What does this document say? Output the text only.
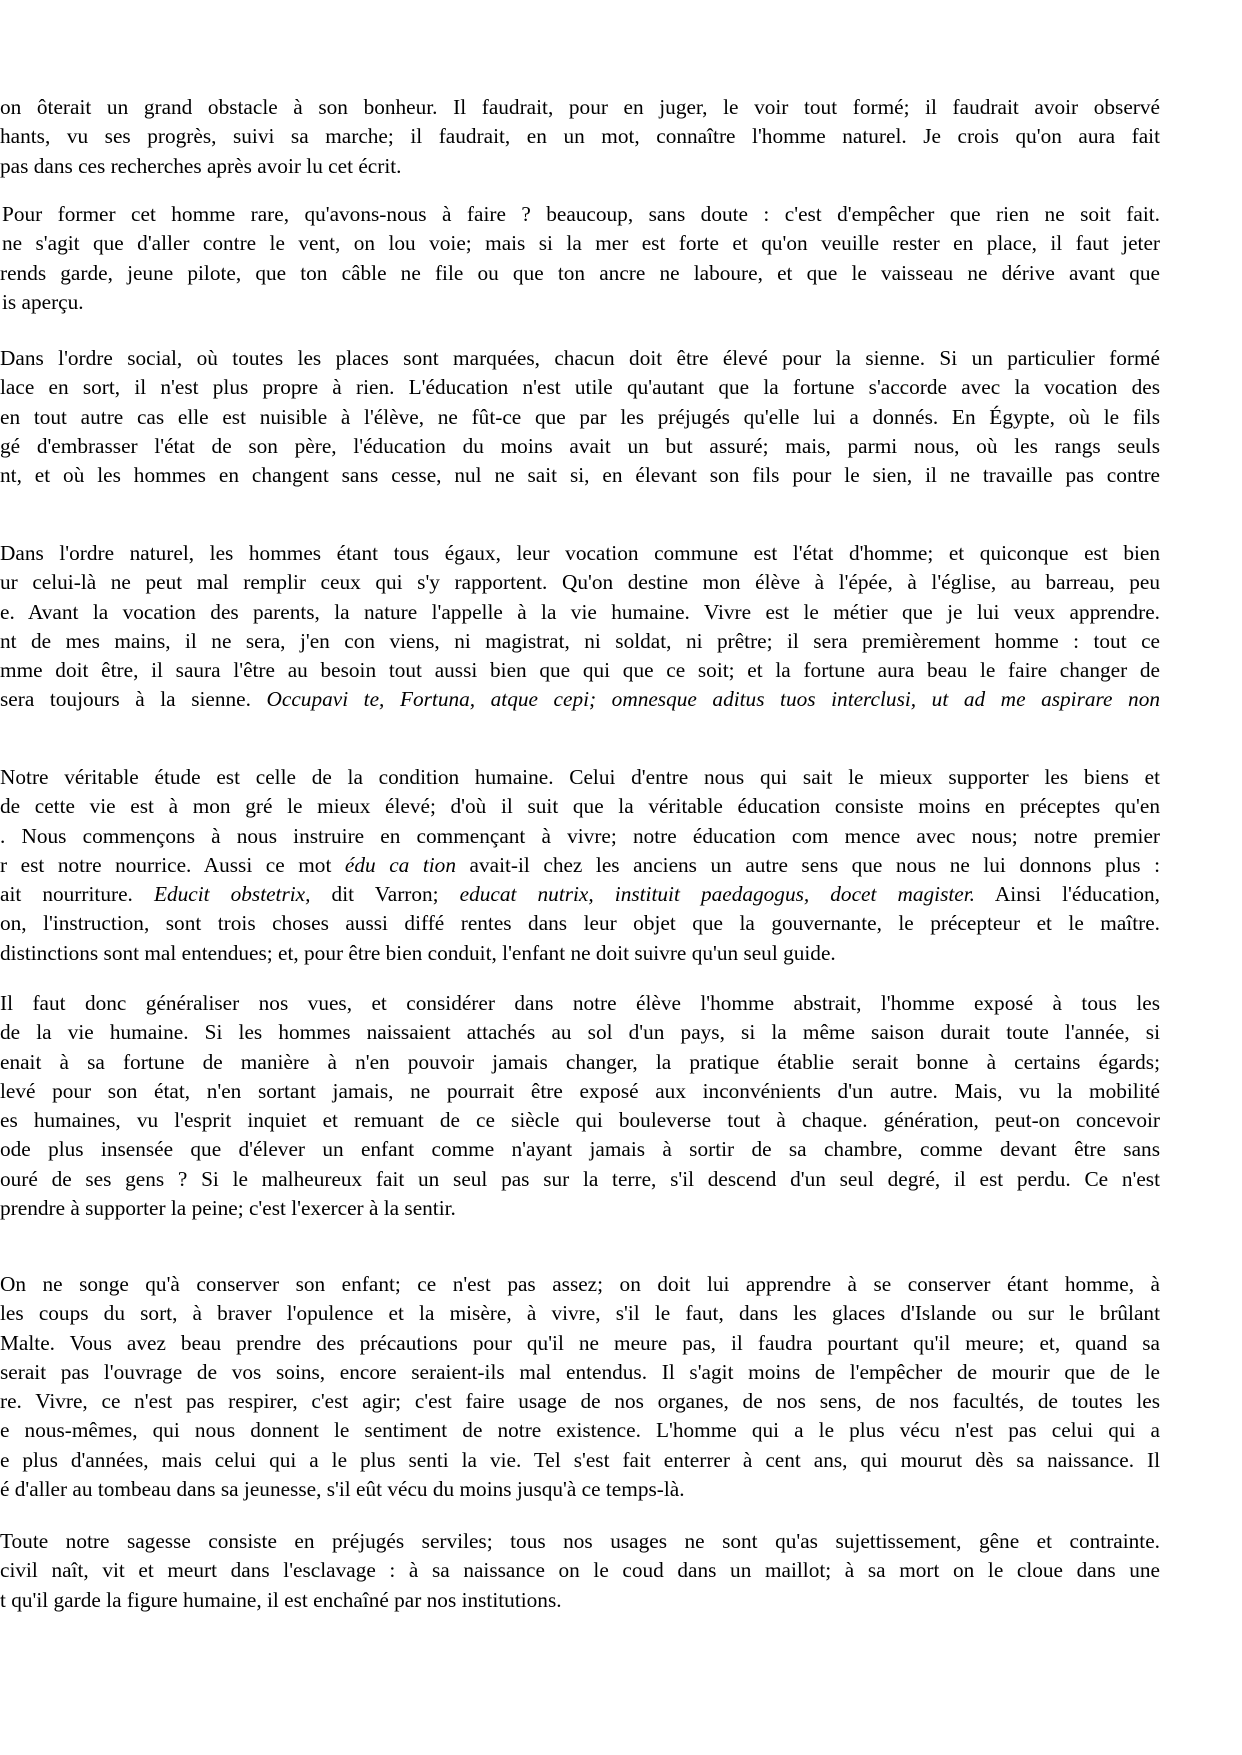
on ôterait un grand obstacle à son bonheur. Il faudrait, pour en juger, le voir tout formé; il faudrait avoir observé
hants, vu ses progrès, suivi sa marche; il faudrait, en un mot, connaître l'homme naturel. Je crois qu'on aura fait
pas dans ces recherches après avoir lu cet écrit.

Pour former cet homme rare, qu'avons-nous à faire ? beaucoup, sans doute : c'est d'empêcher que rien ne soit fait.
ne s'agit que d'aller contre le vent, on lou voie; mais si la mer est forte et qu'on veuille rester en place, il faut jeter
rends garde, jeune pilote, que ton câble ne file ou que ton ancre ne laboure, et que le vaisseau ne dérive avant que
is aperçu.

Dans l'ordre social, où toutes les places sont marquées, chacun doit être élevé pour la sienne. Si un particulier formé
lace en sort, il n'est plus propre à rien. L'éducation n'est utile qu'autant que la fortune s'accorde avec la vocation des
en tout autre cas elle est nuisible à l'élève, ne fût-ce que par les préjugés qu'elle lui a donnés. En Égypte, où le fils
gé d'embrasser l'état de son père, l'éducation du moins avait un but assuré; mais, parmi nous, où les rangs seuls
nt, et où les hommes en changent sans cesse, nul ne sait si, en élevant son fils pour le sien, il ne travaille pas contre

Dans l'ordre naturel, les hommes étant tous égaux, leur vocation commune est l'état d'homme; et quiconque est bien
ur celui-là ne peut mal remplir ceux qui s'y rapportent. Qu'on destine mon élève à l'épée, à l'église, au barreau, peu
e. Avant la vocation des parents, la nature l'appelle à la vie humaine. Vivre est le métier que je lui veux apprendre.
nt de mes mains, il ne sera, j'en con viens, ni magistrat, ni soldat, ni prêtre; il sera premièrement homme : tout ce
mme doit être, il saura l'être au besoin tout aussi bien que qui que ce soit; et la fortune aura beau le faire changer de
sera toujours à la sienne. Occupavi te, Fortuna, atque cepi; omnesque aditus tuos interclusi, ut ad me aspirare non

Notre véritable étude est celle de la condition humaine. Celui d'entre nous qui sait le mieux supporter les biens et
de cette vie est à mon gré le mieux élevé; d'où il suit que la véritable éducation consiste moins en préceptes qu'en
. Nous commençons à nous instruire en commençant à vivre; notre éducation com mence avec nous; notre premier
r est notre nourrice. Aussi ce mot édu ca tion avait-il chez les anciens un autre sens que nous ne lui donnons plus :
ait nourriture. Educit obstetrix, dit Varron; educat nutrix, instituit paedagogus, docet magister. Ainsi l'éducation,
on, l'instruction, sont trois choses aussi diffé rentes dans leur objet que la gouvernante, le précepteur et le maître.
distinctions sont mal entendues; et, pour être bien conduit, l'enfant ne doit suivre qu'un seul guide.

Il faut donc généraliser nos vues, et considérer dans notre élève l'homme abstrait, l'homme exposé à tous les
de la vie humaine. Si les hommes naissaient attachés au sol d'un pays, si la même saison durait toute l'année, si
enait à sa fortune de manière à n'en pouvoir jamais changer, la pratique établie serait bonne à certains égards;
levé pour son état, n'en sortant jamais, ne pourrait être exposé aux inconvénients d'un autre. Mais, vu la mobilité
es humaines, vu l'esprit inquiet et remuant de ce siècle qui bouleverse tout à chaque. génération, peut-on concevoir
ode plus insensée que d'élever un enfant comme n'ayant jamais à sortir de sa chambre, comme devant être sans
ouré de ses gens ? Si le malheureux fait un seul pas sur la terre, s'il descend d'un seul degré, il est perdu. Ce n'est
prendre à supporter la peine; c'est l'exercer à la sentir.

On ne songe qu'à conserver son enfant; ce n'est pas assez; on doit lui apprendre à se conserver étant homme, à
les coups du sort, à braver l'opulence et la misère, à vivre, s'il le faut, dans les glaces d'Islande ou sur le brûlant
Malte. Vous avez beau prendre des précautions pour qu'il ne meure pas, il faudra pourtant qu'il meure; et, quand sa
serait pas l'ouvrage de vos soins, encore seraient-ils mal entendus. Il s'agit moins de l'empêcher de mourir que de le
re. Vivre, ce n'est pas respirer, c'est agir; c'est faire usage de nos organes, de nos sens, de nos facultés, de toutes les
e nous-mêmes, qui nous donnent le sentiment de notre existence. L'homme qui a le plus vécu n'est pas celui qui a
e plus d'années, mais celui qui a le plus senti la vie. Tel s'est fait enterrer à cent ans, qui mourut dès sa naissance. Il
é d'aller au tombeau dans sa jeunesse, s'il eût vécu du moins jusqu'à ce temps-là.

Toute notre sagesse consiste en préjugés serviles; tous nos usages ne sont qu'as sujettissement, gêne et contrainte.
civil naît, vit et meurt dans l'esclavage : à sa naissance on le coud dans un maillot; à sa mort on le cloue dans une
t qu'il garde la figure humaine, il est enchaîné par nos institutions.
